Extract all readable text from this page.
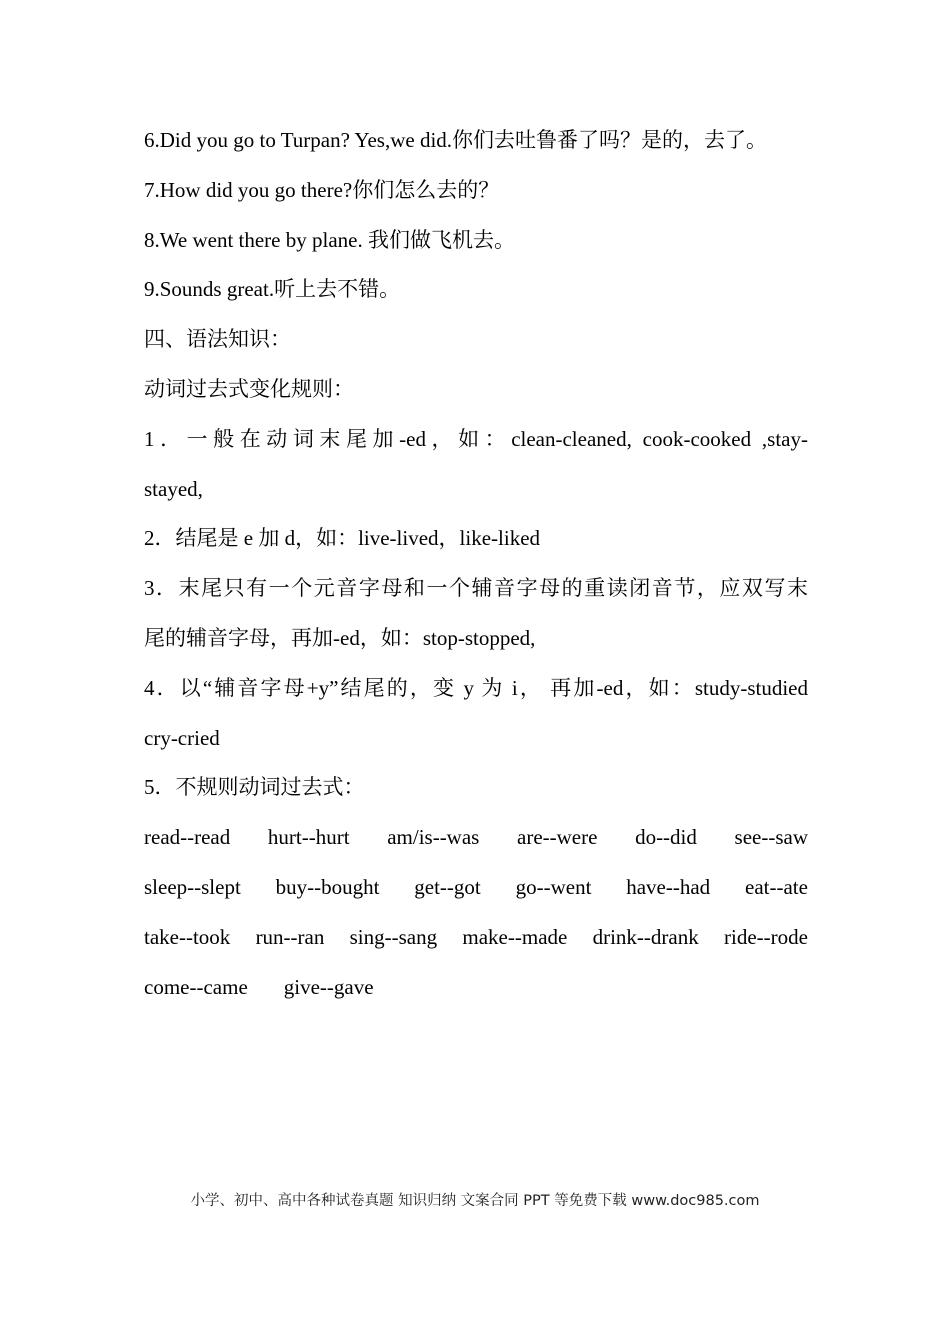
6.Did you go to Turpan? Yes,we did.你们去吐鲁番了吗？是的，去了。
7.How did you go there?你们怎么去的？
8.We went there by plane. 我们做飞机去。
9.Sounds great.听上去不错。
四、语法知识：
动词过去式变化规则：
1．一般在动词末尾加-ed，如：clean-cleaned, cook-cooked ,stay-
stayed,
2．结尾是 e 加 d，如：live-lived，like-liked
3．末尾只有一个元音字母和一个辅音字母的重读闭音节，应双写末
尾的辅音字母，再加-ed，如：stop-stopped,
4．以“辅音字母+y”结尾的，变 y 为 i， 再加-ed，如：study-studied
cry-cried
5．不规则动词过去式：
read--read hurt--hurt am/is--was are--were do--did see--saw
sleep--slept buy--bought get--got go--went have--had eat--ate
take--took run--ran sing--sang make--made drink--drank ride--rode
come--came give--gave
小学、初中、高中各种试卷真题 知识归纳 文案合同 PPT 等免费下载 www.doc985.com
